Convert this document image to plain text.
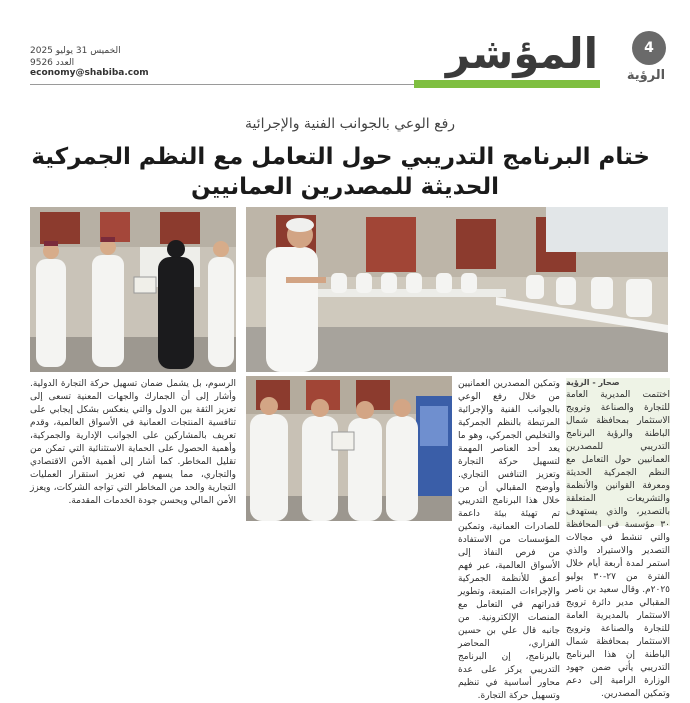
4
الرؤية
المؤشر
الخميس 31 يوليو 2025
العدد 9526
economy@shabiba.com
رفع الوعي بالجوانب الفنية والإجرائية
ختام البرنامج التدريبي حول التعامل مع النظم الجمركية
الحديثة للمصدرين العمانيين

الرسوم، بل يشمل ضمان تسهيل حركة التجارة الدولية. وأشار إلى أن الجمارك والجهات المعنية تسعى إلى تعزيز الثقة بين الدول والتي ينعكس بشكل إيجابي على تنافسية المنتجات العمانية في الأسواق العالمية، وقدم تعريف بالمشاركين على الجوانب الإدارية والجمركية، وأهمية الحصول على الحماية الاستثنائية التي تمكن من تقليل المخاطر. كما أشار إلى أهمية الأمن الاقتصادي والتجاري، مما يسهم في تعزيز استقرار العمليات التجارية والحد من المخاطر التي تواجه الشركات، ويعزز الأمن المالي ويحسن جودة الخدمات المقدمة.

وتمكين المصدرين العمانيين من خلال رفع الوعي بالجوانب الفنية والإجرائية المرتبطة بالنظم الجمركية والتخليص الجمركي، وهو ما يعد أحد العناصر المهمة لتسهيل حركة التجارة وتعزيز التنافس التجاري. وأوضح المقبالي أن من خلال هذا البرنامج التدريبي تم تهيئة بيئة داعمة للصادرات العمانية، وتمكين المؤسسات من الاستفادة من فرص النفاذ إلى الأسواق العالمية، عبر فهم أعمق للأنظمة الجمركية والإجراءات المتبعة، وتطوير قدراتهم في التعامل مع المنصات الإلكترونية. من جانبه قال علي بن حسين الفزاري، المحاضر بالبرنامج، إن البرنامج التدريبي يركز على عدة محاور أساسية في تنظيم وتسهيل حركة التجارة.

صحار - الرؤية

اختتمت المديرية العامة للتجارة والصناعة وترويج الاستثمار بمحافظة شمال الباطنة والرؤية البرنامج التدريبي للمصدرين العمانيين حول التعامل مع النظم الجمركية الحديثة ومعرفة القوانين والأنظمة والتشريعات المتعلقة بالتصدير، والذي يستهدف ٣٠ مؤسسة في المحافظة والتي تنشط في مجالات التصدير والاستيراد والذي استمر لمدة أربعة أيام خلال الفترة من ٢٧-٣٠ يوليو ٢٠٢٥م. وقال سعيد بن ناصر المقبالي مدير دائرة ترويج الاستثمار بالمديرية العامة للتجارة والصناعة وترويج الاستثمار بمحافظة شمال الباطنة إن هذا البرنامج التدريبي يأتي ضمن جهود الوزارة الرامية إلى دعم وتمكين المصدرين.
